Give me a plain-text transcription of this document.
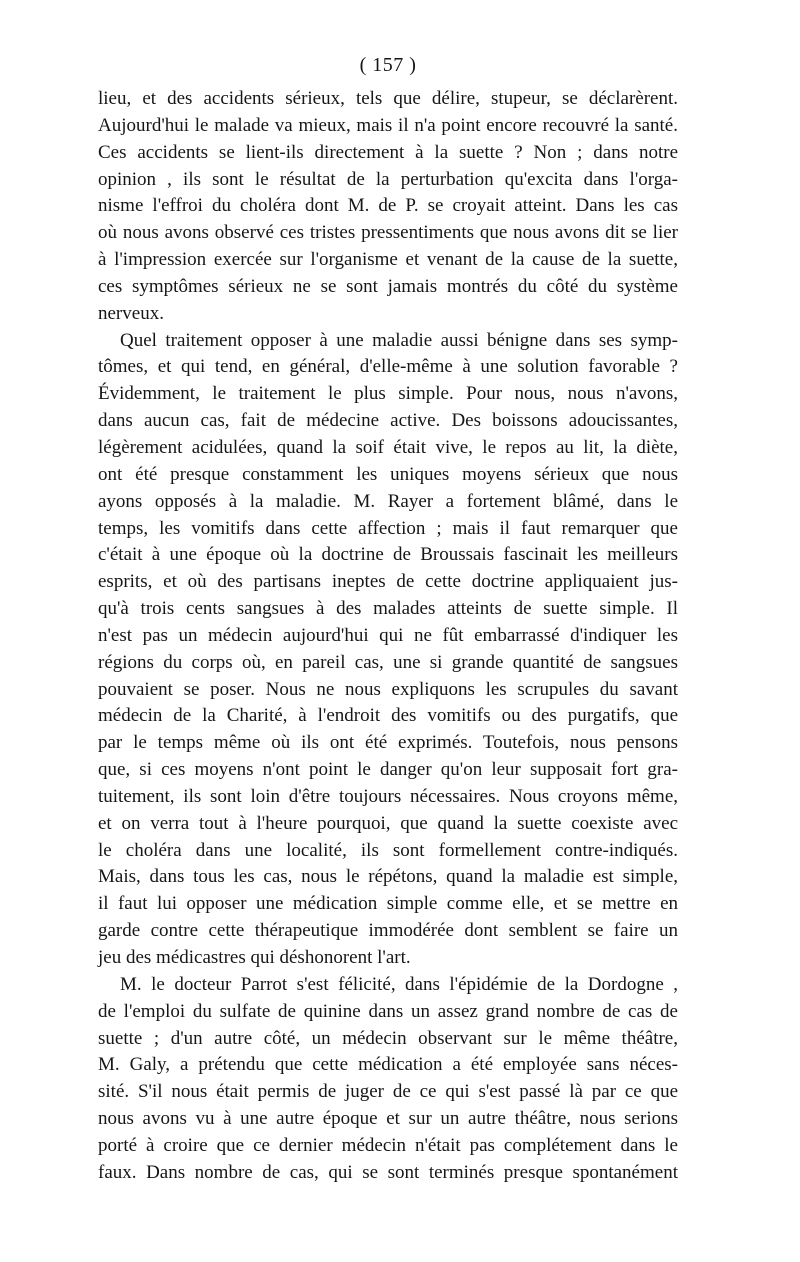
( 157 )
lieu, et des accidents sérieux, tels que délire, stupeur, se déclarèrent.
Aujourd'hui le malade va mieux, mais il n'a point encore recouvré la santé.
Ces accidents se lient-ils directement à la suette ? Non ; dans notre
opinion , ils sont le résultat de la perturbation qu'excita dans l'orga-
nisme l'effroi du choléra dont M. de P. se croyait atteint. Dans les cas
où nous avons observé ces tristes pressentiments que nous avons dit se lier
à l'impression exercée sur l'organisme et venant de la cause de la suette,
ces symptômes sérieux ne se sont jamais montrés du côté du système
nerveux.
Quel traitement opposer à une maladie aussi bénigne dans ses symp-
tômes, et qui tend, en général, d'elle-même à une solution favorable ?
Évidemment, le traitement le plus simple. Pour nous, nous n'avons,
dans aucun cas, fait de médecine active. Des boissons adoucissantes,
légèrement acidulées, quand la soif était vive, le repos au lit, la diète,
ont été presque constamment les uniques moyens sérieux que nous
ayons opposés à la maladie. M. Rayer a fortement blâmé, dans le
temps, les vomitifs dans cette affection ; mais il faut remarquer que
c'était à une époque où la doctrine de Broussais fascinait les meilleurs
esprits, et où des partisans ineptes de cette doctrine appliquaient jus-
qu'à trois cents sangsues à des malades atteints de suette simple. Il
n'est pas un médecin aujourd'hui qui ne fût embarrassé d'indiquer les
régions du corps où, en pareil cas, une si grande quantité de sangsues
pouvaient se poser. Nous ne nous expliquons les scrupules du savant
médecin de la Charité, à l'endroit des vomitifs ou des purgatifs, que
par le temps même où ils ont été exprimés. Toutefois, nous pensons
que, si ces moyens n'ont point le danger qu'on leur supposait fort gra-
tuitement, ils sont loin d'être toujours nécessaires. Nous croyons même,
et on verra tout à l'heure pourquoi, que quand la suette coexiste avec
le choléra dans une localité, ils sont formellement contre-indiqués.
Mais, dans tous les cas, nous le répétons, quand la maladie est simple,
il faut lui opposer une médication simple comme elle, et se mettre en
garde contre cette thérapeutique immodérée dont semblent se faire un
jeu des médicastres qui déshonorent l'art.
M. le docteur Parrot s'est félicité, dans l'épidémie de la Dordogne ,
de l'emploi du sulfate de quinine dans un assez grand nombre de cas de
suette ; d'un autre côté, un médecin observant sur le même théâtre,
M. Galy, a prétendu que cette médication a été employée sans néces-
sité. S'il nous était permis de juger de ce qui s'est passé là par ce que
nous avons vu à une autre époque et sur un autre théâtre, nous serions
porté à croire que ce dernier médecin n'était pas complétement dans le
faux. Dans nombre de cas, qui se sont terminés presque spontanément
